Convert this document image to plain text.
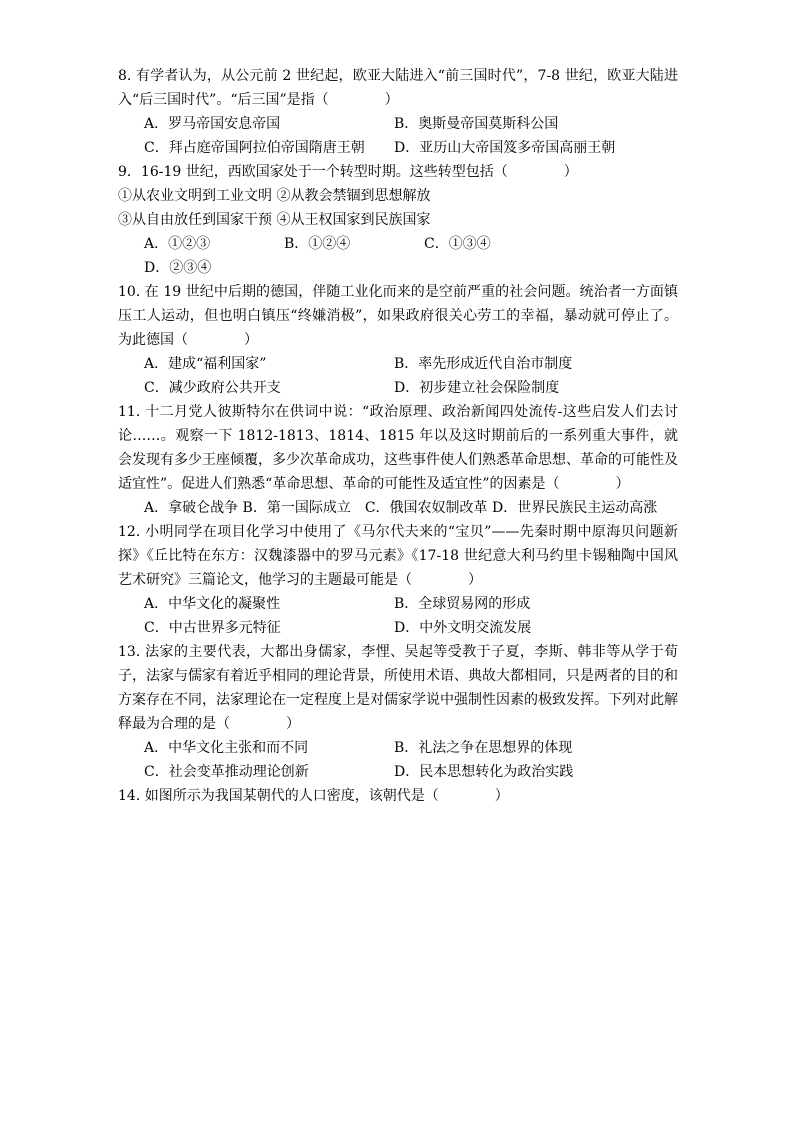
8. 有学者认为，从公元前 2 世纪起，欧亚大陆进入“前三国时代”，7-8 世纪，欧亚大陆进入“后三国时代”。“后三国”是指（　　　　）

A．罗马帝国安息帝国	B．奥斯曼帝国莫斯科公国

C．拜占庭帝国阿拉伯帝国隋唐王朝	D．亚历山大帝国笈多帝国高丽王朝

9．16-19 世纪，西欧国家处于一个转型时期。这些转型包括（　　　　）

①从农业文明到工业文明 ②从教会禁锢到思想解放

③从自由放任到国家干预 ④从王权国家到民族国家

A．①②③	B．①②④	C．①③④

D．②③④

10. 在 19 世纪中后期的德国，伴随工业化而来的是空前严重的社会问题。统治者一方面镇压工人运动，但也明白镇压“终嫌消极”，如果政府很关心劳工的幸福，暴动就可停止了。为此德国（　　　　）

A．建成“福利国家”	B．率先形成近代自治市制度

C．减少政府公共开支	D．初步建立社会保险制度

11. 十二月党人彼斯特尔在供词中说：“政治原理、政治新闻四处流传-这些启发人们去讨论……。观察一下 1812-1813、1814、1815 年以及这时期前后的一系列重大事件，就会发现有多少王座倾覆，多少次革命成功，这些事件使人们熟悉革命思想、革命的可能性及适宜性”。促进人们熟悉“革命思想、革命的可能性及适宜性”的因素是（　　　　）

A．拿破仑战争 B．第一国际成立　C．俄国农奴制改革 D．世界民族民主运动高涨

12. 小明同学在项目化学习中使用了《马尔代夫来的“宝贝”——先秦时期中原海贝问题新探》《丘比特在东方：汉魏漆器中的罗马元素》《17-18 世纪意大利马约里卡锡釉陶中国风艺术研究》三篇论文，他学习的主题最可能是（　　　　）

A．中华文化的凝聚性	B．全球贸易网的形成

C．中古世界多元特征	D．中外文明交流发展

13. 法家的主要代表，大都出身儒家，李悝、吴起等受教于子夏，李斯、韩非等从学于荀子，法家与儒家有着近乎相同的理论背景，所使用术语、典故大都相同，只是两者的目的和方案存在不同，法家理论在一定程度上是对儒家学说中强制性因素的极致发挥。下列对此解释最为合理的是（　　　　）

A．中华文化主张和而不同	B．礼法之争在思想界的体现

C．社会变革推动理论创新	D．民本思想转化为政治实践

14. 如图所示为我国某朝代的人口密度，该朝代是（　　　　）
